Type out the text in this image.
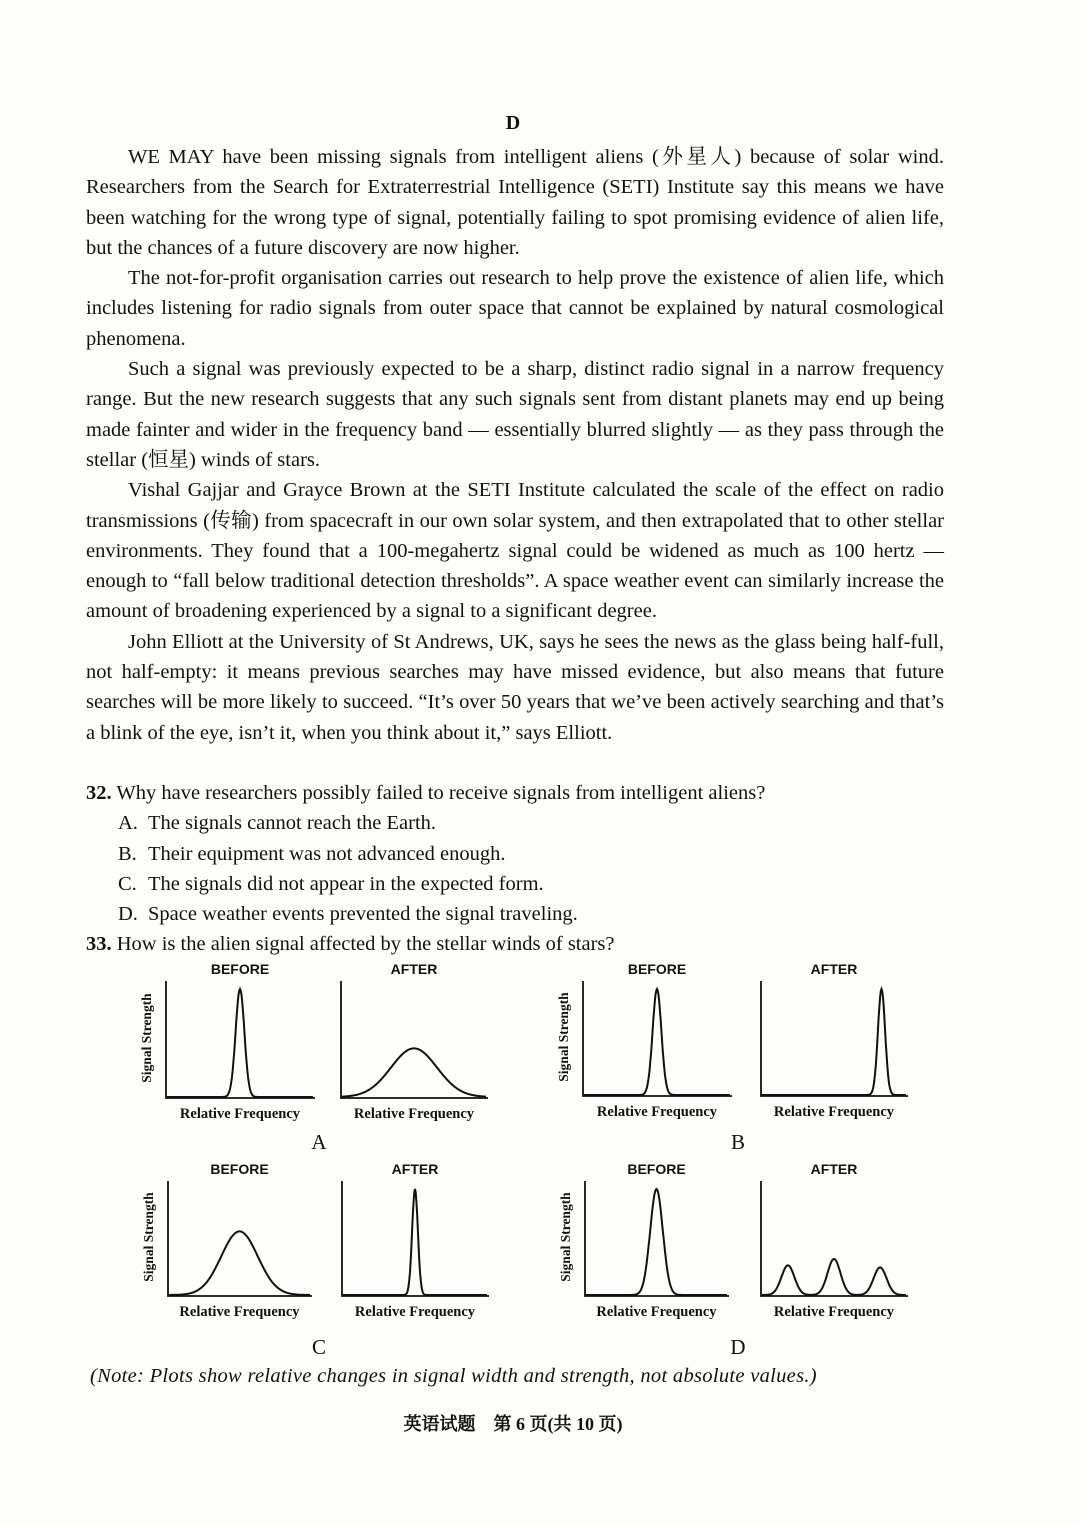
D

WE MAY have been missing signals from intelligent aliens (外星人) because of solar wind. Researchers from the Search for Extraterrestrial Intelligence (SETI) Institute say this means we have been watching for the wrong type of signal, potentially failing to spot promising evidence of alien life, but the chances of a future discovery are now higher.

The not-for-profit organisation carries out research to help prove the existence of alien life, which includes listening for radio signals from outer space that cannot be explained by natural cosmological phenomena.

Such a signal was previously expected to be a sharp, distinct radio signal in a narrow frequency range. But the new research suggests that any such signals sent from distant planets may end up being made fainter and wider in the frequency band — essentially blurred slightly — as they pass through the stellar (恒星) winds of stars.

Vishal Gajjar and Grayce Brown at the SETI Institute calculated the scale of the effect on radio transmissions (传输) from spacecraft in our own solar system, and then extrapolated that to other stellar environments. They found that a 100-megahertz signal could be widened as much as 100 hertz — enough to “fall below traditional detection thresholds”. A space weather event can similarly increase the amount of broadening experienced by a signal to a significant degree.

John Elliott at the University of St Andrews, UK, says he sees the news as the glass being half-full, not half-empty: it means previous searches may have missed evidence, but also means that future searches will be more likely to succeed. “It’s over 50 years that we’ve been actively searching and that’s a blink of the eye, isn’t it, when you think about it,” says Elliott.

32. Why have researchers possibly failed to receive signals from intelligent aliens?

A. The signals cannot reach the Earth.

B. Their equipment was not advanced enough.

C. The signals did not appear in the expected form.

D. Space weather events prevented the signal traveling.

33. How is the alien signal affected by the stellar winds of stars?

BEFORE
Relative Frequency
Signal Strength
AFTER
Relative Frequency
A
BEFORE
Relative Frequency
Signal Strength
AFTER
Relative Frequency
B
BEFORE
Relative Frequency
Signal Strength
AFTER
Relative Frequency
C
BEFORE
Relative Frequency
Signal Strength
AFTER
Relative Frequency
D
(Note: Plots show relative changes in signal width and strength, not absolute values.)
英语试题　第 6 页(共 10 页)
